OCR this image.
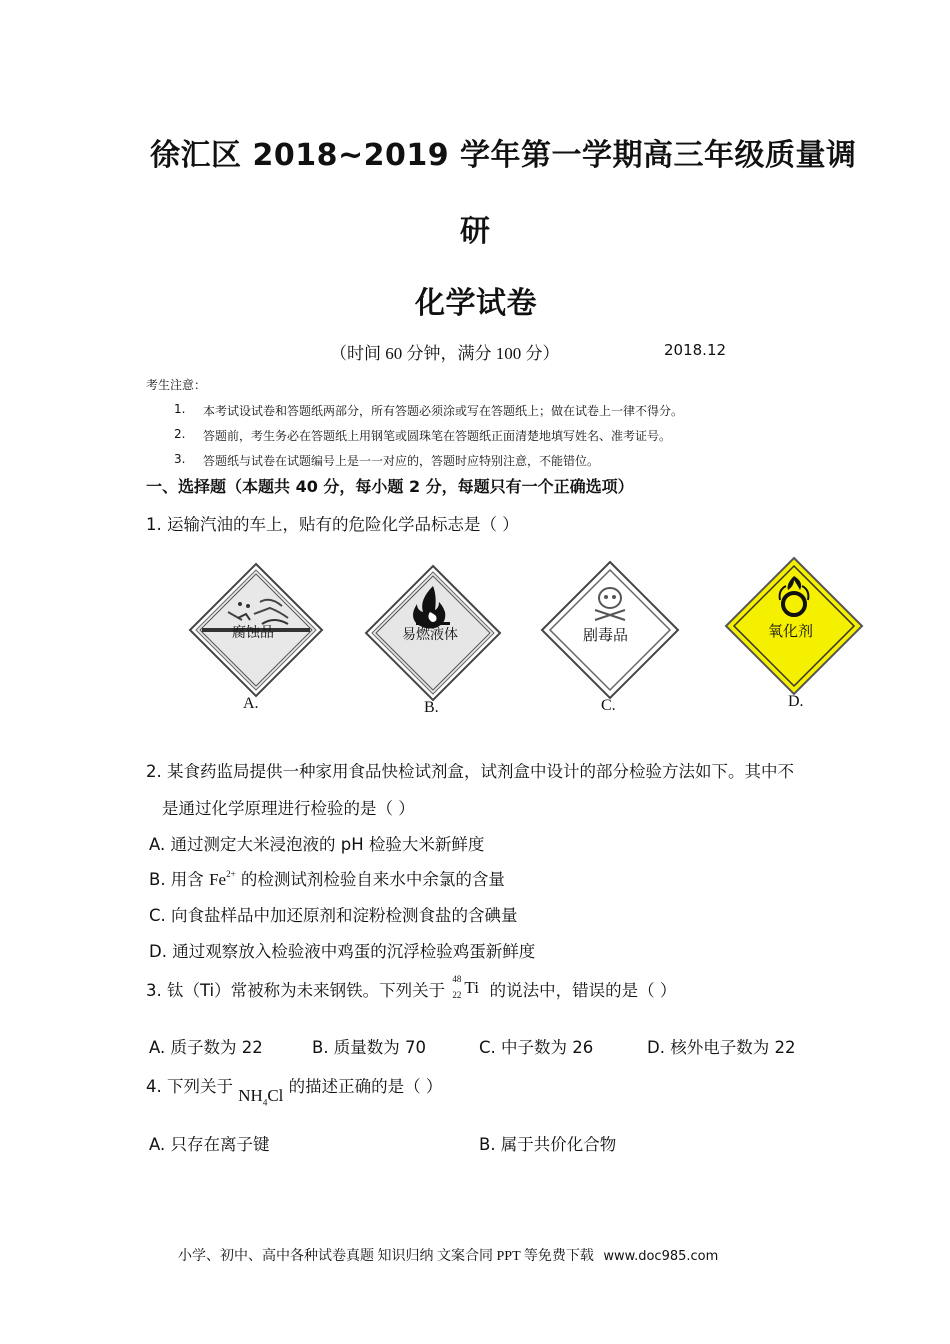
徐汇区 2018~2019 学年第一学期高三年级质量调
研
化学试卷
（时间 60 分钟，满分 100 分）	2018.12
考生注意：
1. 本考试设试卷和答题纸两部分，所有答题必须涂或写在答题纸上；做在试卷上一律不得分。
2. 答题前，考生务必在答题纸上用钢笔或圆珠笔在答题纸正面清楚地填写姓名、准考证号。
3. 答题纸与试卷在试题编号上是一一对应的，答题时应特别注意，不能错位。
一、选择题（本题共 40 分，每小题 2 分，每题只有一个正确选项）
1. 运输汽油的车上，贴有的危险化学品标志是（ ）
腐蚀品
A.
易燃液体
B.
剧毒品
C.
氧化剂
D.
2. 某食药监局提供一种家用食品快检试剂盒，试剂盒中设计的部分检验方法如下。其中不
是通过化学原理进行检验的是（ ）
A. 通过测定大米浸泡液的 pH 检验大米新鲜度
B. 用含 $Fe^{2+}$ 的检测试剂检验自来水中余氯的含量
C. 向食盐样品中加还原剂和淀粉检测食盐的含碘量
D. 通过观察放入检验液中鸡蛋的沉浮检验鸡蛋新鲜度
3. 钛（Ti）常被称为未来钢铁。下列关于
48
22 Ti 的说法中，错误的是（ ）
A. 质子数为 22	B. 质量数为 70	C. 中子数为 26	D. 核外电子数为 22
4. 下列关于 $NH_4Cl$ 的描述正确的是（ ）
A. 只存在离子键	B. 属于共价化合物
小学、初中、高中各种试卷真题 知识归纳 文案合同 PPT 等免费下载 www.doc985.com
